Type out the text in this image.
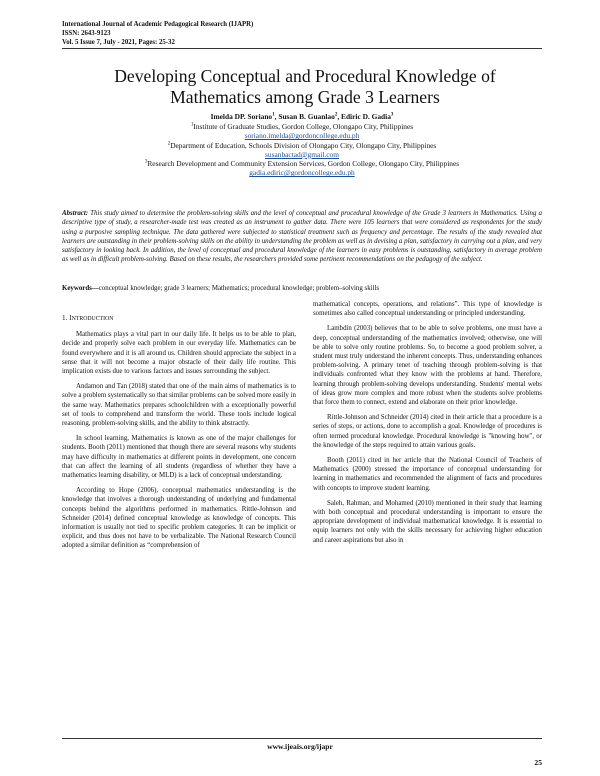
International Journal of Academic Pedagogical Research (IJAPR)
ISSN: 2643-9123
Vol. 5 Issue 7, July - 2021, Pages: 25-32
Developing Conceptual and Procedural Knowledge of
Mathematics among Grade 3 Learners
Imelda DP. Soriano$^1$, Susan B. Guanlao$^2$, Ediric D. Gadia$^3$
$^1$Institute of Graduate Studies, Gordon College, Olongapo City, Philippines
soriano.imelda@gordoncollege.edu.ph
$^2$Department of Education, Schools Division of Olongapo City, Olongapo City, Philippines
susanbactad@gmail.com
$^3$Research Development and Community Extension Services, Gordon College, Olongapo City, Philippines
gadia.ediric@gordoncollege.edu.ph
Abstract: This study aimed to determine the problem-solving skills and the level of conceptual and procedural knowledge of the Grade 3 learners in Mathematics. Using a descriptive type of study, a researcher-made test was created as an instrument to gather data. There were 105 learners that were considered as respondents for the study using a purposive sampling technique. The data gathered were subjected to statistical treatment such as frequency and percentage. The results of the study revealed that learners are outstanding in their problem-solving skills on the ability in understanding the problem as well as in devising a plan, satisfactory in carrying out a plan, and very satisfactory in looking back. In addition, the level of conceptual and procedural knowledge of the learners in easy problems is outstanding, satisfactory in average problem as well as in difficult problem-solving. Based on these results, the researchers provided some pertinent recommendations on the pedagogy of the subject.
Keywords—conceptual knowledge; grade 3 learners; Mathematics; procedural knowledge; problem–solving skills
1. INTRODUCTION

Mathematics plays a vital part in our daily life. It helps us to be able to plan, decide and properly solve each problem in our everyday life. Mathematics can be found everywhere and it is all around us. Children should appreciate the subject in a sense that it will not become a major obstacle of their daily life routine. This implication exists due to various factors and issues surrounding the subject.

Andamon and Tan (2018) stated that one of the main aims of mathematics is to solve a problem systematically so that similar problems can be solved more easily in the same way. Mathematics prepares schoolchildren with a exceptionally powerful set of tools to comprehend and transform the world. These tools include logical reasoning, problem-solving skills, and the ability to think abstractly.

In school learning, Mathematics is known as one of the major challenges for students. Booth (2011) mentioned that though there are several reasons why students may have difficulty in mathematics at different points in development, one concern that can affect the learning of all students (regardless of whether they have a mathematics learning disability, or MLD) is a lack of conceptual understanding.

According to Hope (2006), conceptual mathematics understanding is the knowledge that involves a thorough understanding of underlying and fundamental concepts behind the algorithms performed in mathematics. Rittle-Johnson and Schneider (2014) defined conceptual knowledge as knowledge of concepts. This information is usually not tied to specific problem categories. It can be implicit or explicit, and thus does not have to be verbalizable. The National Research Council adopted a similar definition as “comprehension of

mathematical concepts, operations, and relations”. This type of knowledge is sometimes also called conceptual understanding or principled understanding.

Lambdin (2003) believes that to be able to solve problems, one must have a deep, conceptual understanding of the mathematics involved; otherwise, one will be able to solve only routine problems. So, to become a good problem solver, a student must truly understand the inherent concepts. Thus, understanding enhances problem-solving. A primary tenet of teaching through problem-solving is that individuals confronted what they know with the problems at hand. Therefore, learning through problem-solving develops understanding. Students' mental webs of ideas grow more complex and more robust when the students solve problems that force them to connect, extend and elaborate on their prior knowledge.

Rittle-Johnson and Schneider (2014) cited in their article that a procedure is a series of steps, or actions, done to accomplish a goal. Knowledge of procedures is often termed procedural knowledge. Procedural knowledge is "knowing how", or the knowledge of the steps required to attain various goals.

Booth (2011) cited in her article that the National Council of Teachers of Mathematics (2000) stressed the importance of conceptual understanding for learning in mathematics and recommended the alignment of facts and procedures with concepts to improve student learning.

Saleh, Rahman, and Mohamed (2010) mentioned in their study that learning with both conceptual and procedural understanding is important to ensure the appropriate development of individual mathematical knowledge. It is essential to equip learners not only with the skills necessary for achieving higher education and career aspirations but also in

www.ijeais.org/ijapr
25
